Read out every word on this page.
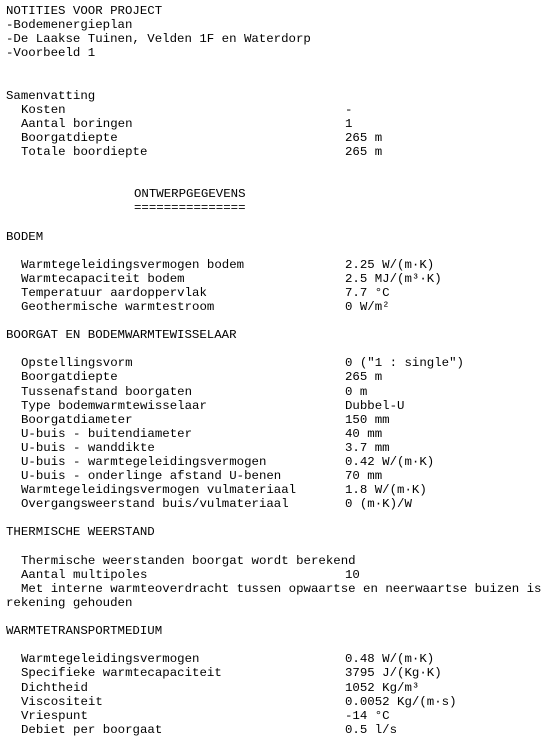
NOTITIES VOOR PROJECT
-Bodemenergieplan
-De Laakse Tuinen, Velden 1F en Waterdorp
-Voorbeeld 1
Samenvatting
Kosten	-
Aantal boringen	1
Boorgatdiepte	265 m
Totale boordiepte	265 m
ONTWERPGEGEVENS
===============
BODEM
Warmtegeleidingsvermogen bodem	2.25 W/(m·K)
Warmtecapaciteit bodem	2.5 MJ/(m³·K)
Temperatuur aardoppervlak	7.7 °C
Geothermische warmtestroom	0 W/m²
BOORGAT EN BODEMWARMTEWISSELAAR
Opstellingsvorm	0 ("1 : single")
Boorgatdiepte	265 m
Tussenafstand boorgaten	0 m
Type bodemwarmtewisselaar	Dubbel-U
Boorgatdiameter	150 mm
U-buis - buitendiameter	40 mm
U-buis - wanddikte	3.7 mm
U-buis - warmtegeleidingsvermogen	0.42 W/(m·K)
U-buis - onderlinge afstand U-benen	70 mm
Warmtegeleidingsvermogen vulmateriaal	1.8 W/(m·K)
Overgangsweerstand buis/vulmateriaal	0 (m·K)/W
THERMISCHE WEERSTAND
Thermische weerstanden boorgat wordt berekend
Aantal multipoles	10
Met interne warmteoverdracht tussen opwaartse en neerwaartse buizen is
rekening gehouden
WARMTETRANSPORTMEDIUM
Warmtegeleidingsvermogen	0.48 W/(m·K)
Specifieke warmtecapaciteit	3795 J/(Kg·K)
Dichtheid	1052 Kg/m³
Viscositeit	0.0052 Kg/(m·s)
Vriespunt	-14 °C
Debiet per boorgaat	0.5 l/s
